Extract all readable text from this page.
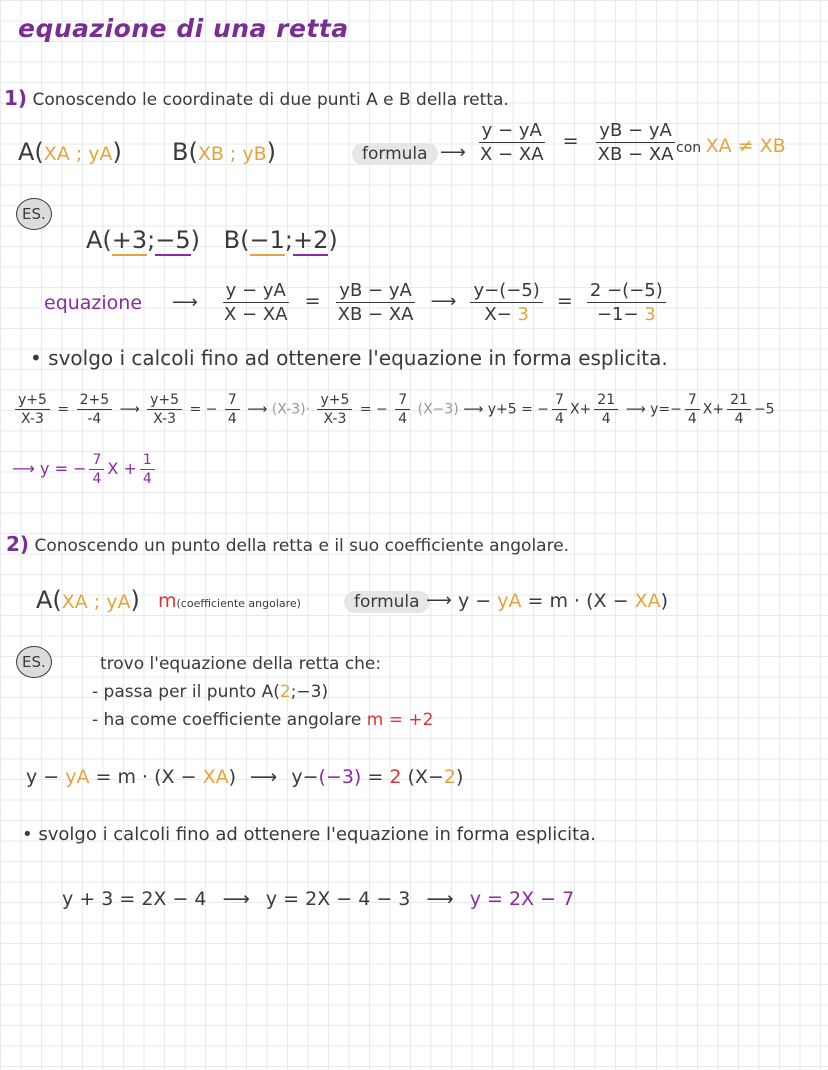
equazione di una retta
1) Conoscendo le coordinate di due punti A e B della retta.
A(XA ; yA) B(XB ; yB)	formula ⟶ $\frac{y - yA}{X - XA} = \frac{yB - yA}{XB - XA}$ con XA ≠ XB
ES.
A(+3;−5) B(−1;+2)
equazione ⟶ $\frac{y - yA}{X - XA} = \frac{yB - yA}{XB - XA}$ ⟶ $\frac{y-(-5)}{X- 3} = \frac{2 -(-5)}{-1- 3}$
• svolgo i calcoli fino ad ottenere l'equazione in forma esplicita.
$\frac{y+5}{X-3} = \frac{2+5}{-4}$ ⟶ $\frac{y+5}{X-3}$ = − $\frac{7}{4}$ ⟶ $(X-3)\cdot \frac{y+5}{X-3}$ = − $\frac{7}{4} (X-3)$ ⟶ y+5 = − $\frac{7}{4} X+ \frac{21}{4}$ ⟶ $y=- \frac{7}{4} X+ \frac{21}{4} -5$
⟶ y = − $\frac{7}{4}$ $X + \frac{1}{4}$
2) Conoscendo un punto della retta e il suo coefficiente angolare.
A(XA ; yA) m(coefficiente angolare)	formula ⟶ y − yA = m · (X − XA)
ES.	trovo l'equazione della retta che:
- passa per il punto A(2;−3)
- ha come coefficiente angolare m = +2
y − yA = m · (X − XA) ⟶ y−(−3) = 2 (X−2)
• svolgo i calcoli fino ad ottenere l'equazione in forma esplicita.
y + 3 = 2X − 4 ⟶ y = 2X − 4 − 3 ⟶ y = 2X − 7
